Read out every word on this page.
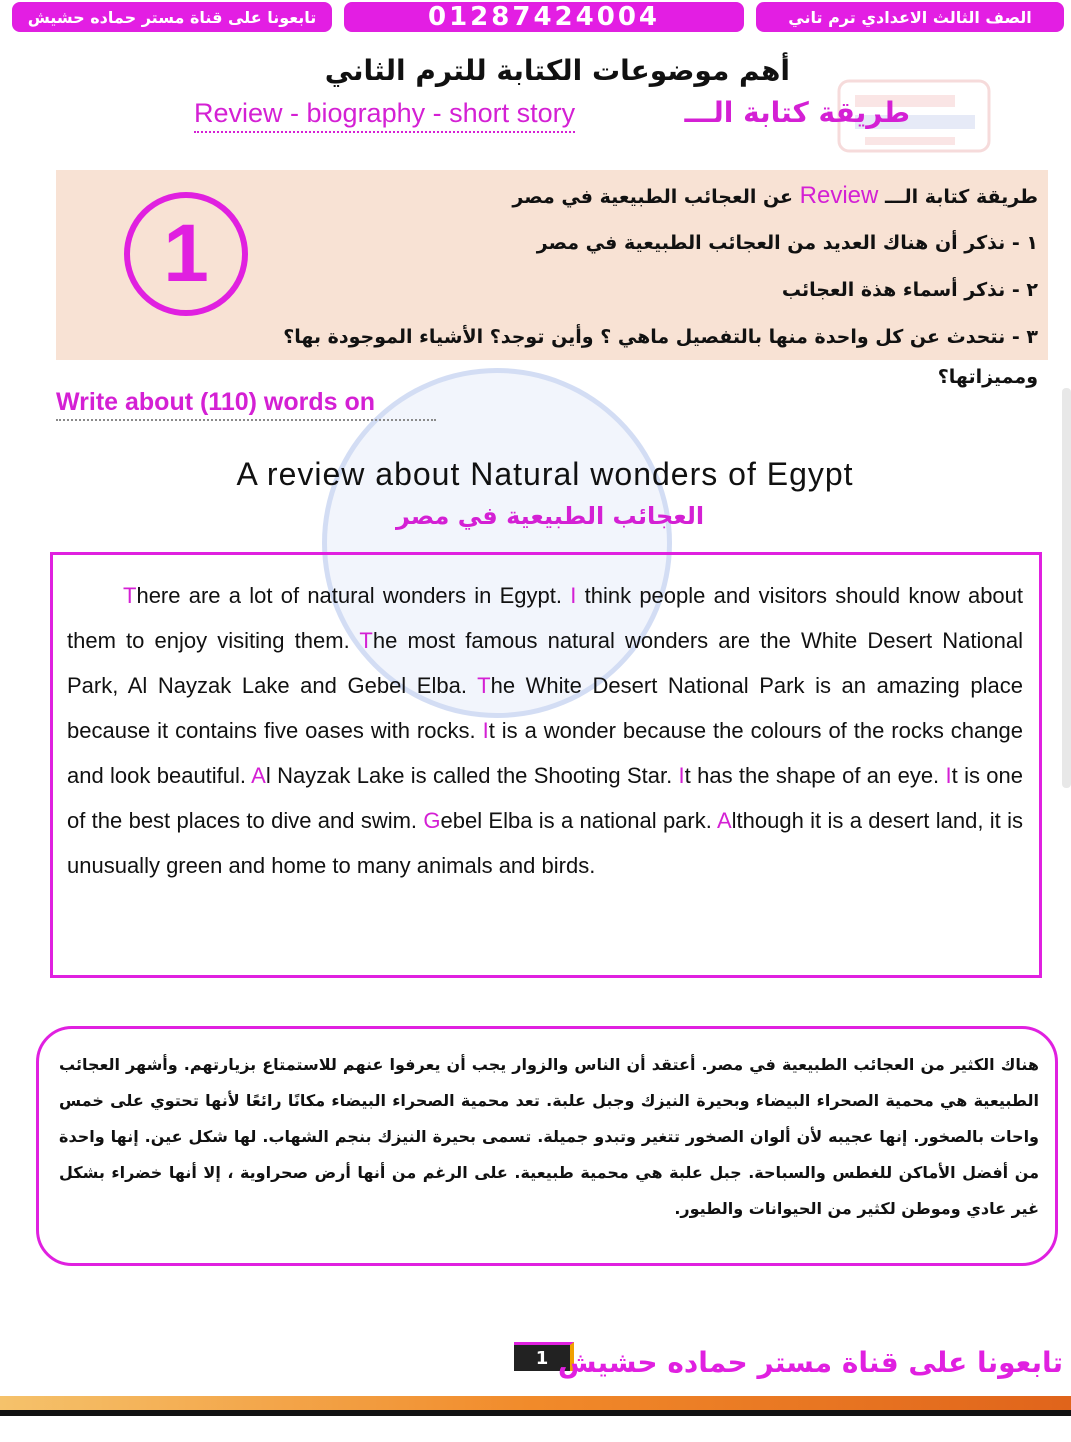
تابعونا على قناة مستر حماده حشيش	01287424004	الصف الثالث الاعدادي ترم تاني
أهم موضوعات الكتابة للترم الثاني
Review - biography - short story	طريقة كتابة الـــ
1
طريقة كتابة الـــ Review عن العجائب الطبيعية في مصر
١ - نذكر أن هناك العديد من العجائب الطبيعية في مصر
٢ - نذكر أسماء هذة العجائب
٣ - نتحدث عن كل واحدة منها بالتفصيل ماهي ؟ وأين توجد؟ الأشياء الموجودة بها؟ ومميزاتها؟
Write about (110) words on
A review about Natural wonders of Egypt
العجائب الطبيعية في مصر
There are a lot of natural wonders in Egypt. I think people and visitors should know about them to enjoy visiting them. The most famous natural wonders are the White Desert National Park, Al Nayzak Lake and Gebel Elba. The White Desert National Park is an amazing place because it contains five oases with rocks. It is a wonder because the colours of the rocks change and look beautiful. Al Nayzak Lake is called the Shooting Star. It has the shape of an eye. It is one of the best places to dive and swim. Gebel Elba is a national park. Although it is a desert land, it is unusually green and home to many animals and birds.
هناك الكثير من العجائب الطبيعية في مصر. أعتقد أن الناس والزوار يجب أن يعرفوا عنهم للاستمتاع بزيارتهم. وأشهر العجائب الطبيعية هي محمية الصحراء البيضاء وبحيرة النيزك وجبل علبة. تعد محمية الصحراء البيضاء مكانًا رائعًا لأنها تحتوي على خمس واحات بالصخور. إنها عجيبه لأن ألوان الصخور تتغير وتبدو جميلة. تسمى بحيرة النيزك بنجم الشهاب. لها شكل عين. إنها واحدة من أفضل الأماكن للغطس والسباحة. جبل علبة هي محمية طبيعية. على الرغم من أنها أرض صحراوية ، إلا أنها خضراء بشكل غير عادي وموطن لكثير من الحيوانات والطيور.
1 تابعونا على قناة مستر حماده حشيش
